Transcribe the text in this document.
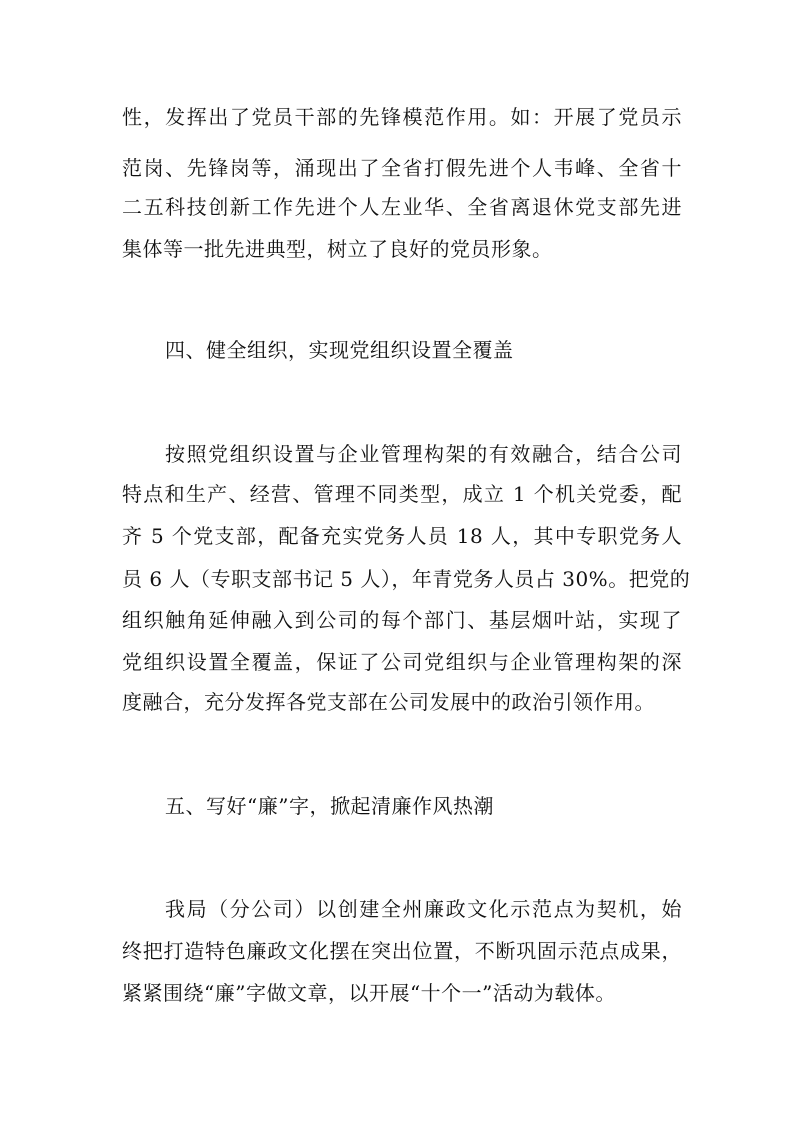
性，发挥出了党员干部的先锋模范作用。如：开展了党员示
范岗、先锋岗等，涌现出了全省打假先进个人韦峰、全省十
二五科技创新工作先进个人左业华、全省离退休党支部先进
集体等一批先进典型，树立了良好的党员形象。
四、健全组织，实现党组织设置全覆盖
按照党组织设置与企业管理构架的有效融合，结合公司
特点和生产、经营、管理不同类型，成立 1 个机关党委，配
齐 5 个党支部，配备充实党务人员 18 人，其中专职党务人
员 6 人（专职支部书记 5 人），年青党务人员占 30%。把党的
组织触角延伸融入到公司的每个部门、基层烟叶站，实现了
党组织设置全覆盖，保证了公司党组织与企业管理构架的深
度融合，充分发挥各党支部在公司发展中的政治引领作用。
五、写好“廉”字，掀起清廉作风热潮
我局（分公司）以创建全州廉政文化示范点为契机，始
终把打造特色廉政文化摆在突出位置，不断巩固示范点成果，
紧紧围绕“廉”字做文章，以开展“十个一”活动为载体。
